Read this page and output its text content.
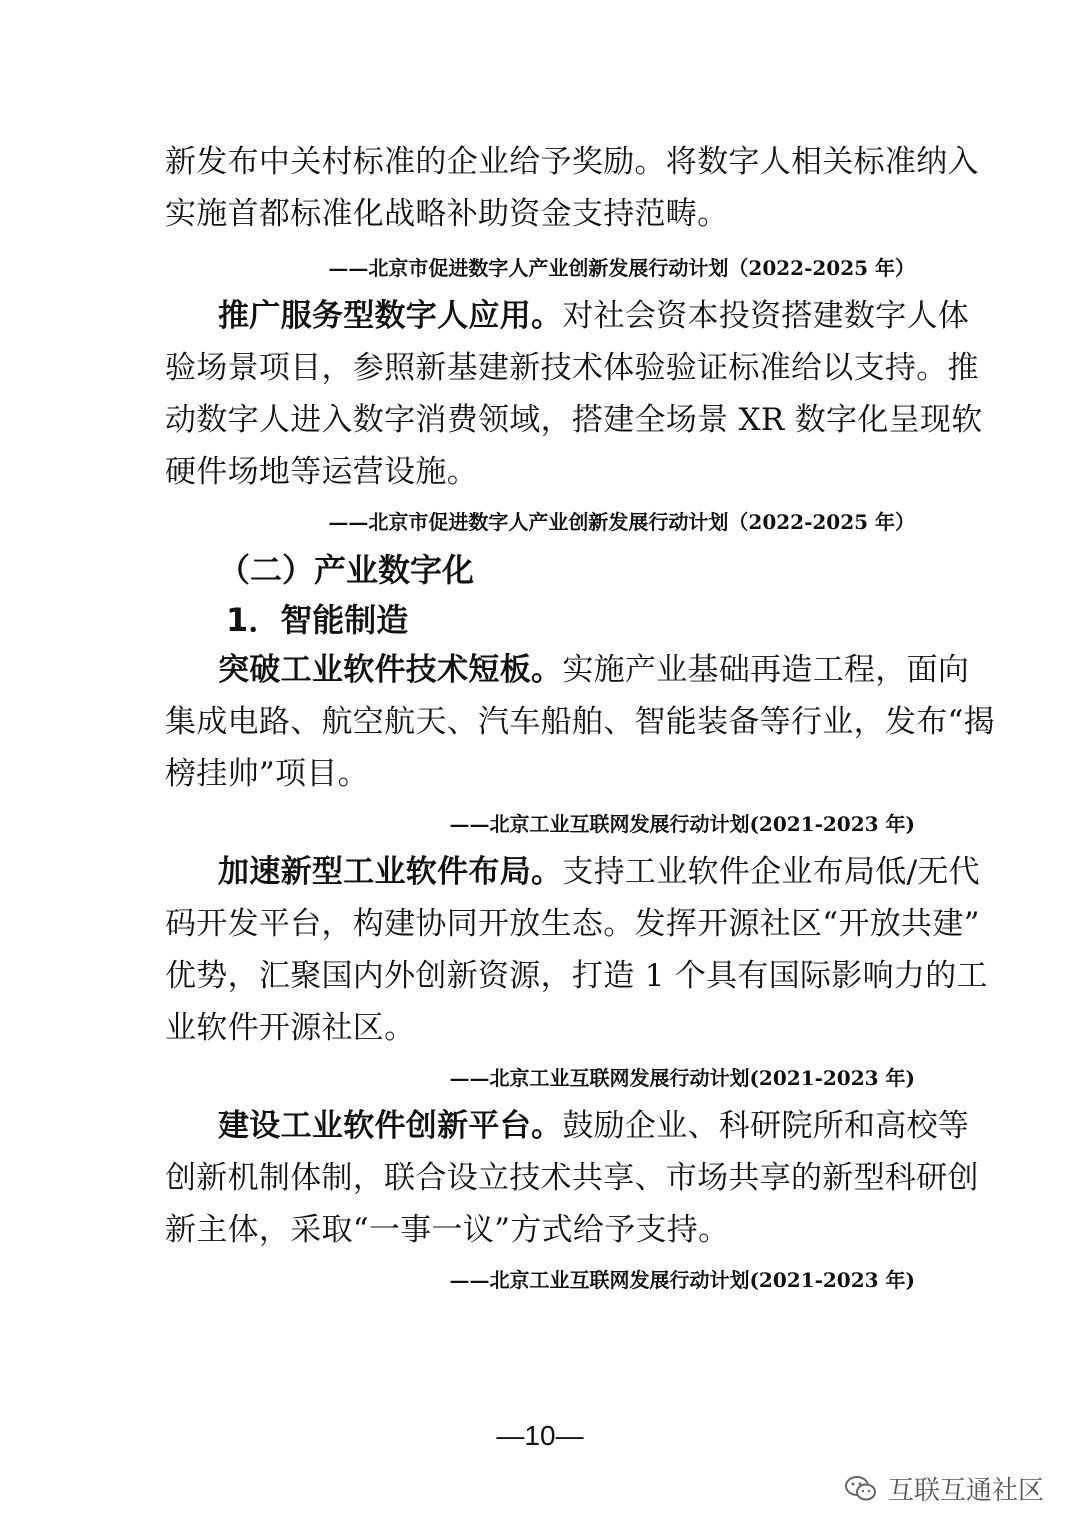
新发布中关村标准的企业给予奖励。将数字人相关标准纳入
实施首都标准化战略补助资金支持范畴。
——北京市促进数字人产业创新发展行动计划（2022-2025 年）
推广服务型数字人应用。对社会资本投资搭建数字人体
验场景项目，参照新基建新技术体验验证标准给以支持。推
动数字人进入数字消费领域，搭建全场景 XR 数字化呈现软
硬件场地等运营设施。
——北京市促进数字人产业创新发展行动计划（2022-2025 年）
（二）产业数字化
1．智能制造
突破工业软件技术短板。实施产业基础再造工程，面向
集成电路、航空航天、汽车船舶、智能装备等行业，发布“揭
榜挂帅”项目。
——北京工业互联网发展行动计划(2021-2023 年)
加速新型工业软件布局。支持工业软件企业布局低/无代
码开发平台，构建协同开放生态。发挥开源社区“开放共建”
优势，汇聚国内外创新资源，打造 1 个具有国际影响力的工
业软件开源社区。
——北京工业互联网发展行动计划(2021-2023 年)
建设工业软件创新平台。鼓励企业、科研院所和高校等
创新机制体制，联合设立技术共享、市场共享的新型科研创
新主体，采取“一事一议”方式给予支持。
——北京工业互联网发展行动计划(2021-2023 年)
—10—
互联互通社区
